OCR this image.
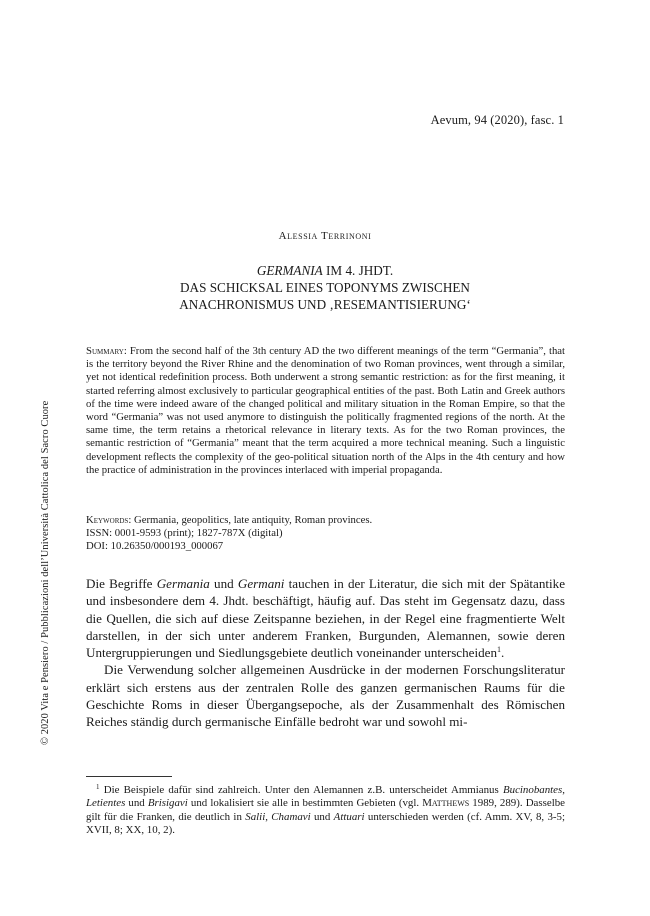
Aevum, 94 (2020), fasc. 1
Alessia Terrinoni
GERMANIA IM 4. JHDT.
DAS SCHICKSAL EINES TOPONYMS ZWISCHEN
ANACHRONISMUS UND ‚RESEMANTISIERUNG‘
Summary: From the second half of the 3th century AD the two different meanings of the term “Germania”, that is the territory beyond the River Rhine and the denomination of two Roman provinces, went through a similar, yet not identical redefinition process. Both underwent a strong semantic restriction: as for the first meaning, it started referring almost exclusively to particular geographical entities of the past. Both Latin and Greek authors of the time were indeed aware of the changed political and military situation in the Roman Empire, so that the word “Germania” was not used anymore to distinguish the politically fragmented regions of the north. At the same time, the term retains a rhetorical relevance in literary texts. As for the two Roman provinces, the semantic restriction of “Germania” meant that the term acquired a more technical meaning. Such a linguistic development reflects the complexity of the geo-political situation north of the Alps in the 4th century and how the practice of administration in the provinces interlaced with imperial propaganda.
Keywords: Germania, geopolitics, late antiquity, Roman provinces.
ISSN: 0001-9593 (print); 1827-787X (digital)
DOI: 10.26350/000193_000067

Die Begriffe Germania und Germani tauchen in der Literatur, die sich mit der Spätantike und insbesondere dem 4. Jhdt. beschäftigt, häufig auf. Das steht im Gegensatz dazu, dass die Quellen, die sich auf diese Zeitspanne beziehen, in der Regel eine fragmentierte Welt darstellen, in der sich unter anderem Franken, Burgunden, Alemannen, sowie deren Untergruppierungen und Siedlungsgebiete deutlich voneinander unterscheiden$^1$.

Die Verwendung solcher allgemeinen Ausdrücke in der modernen Forschungsliteratur erklärt sich erstens aus der zentralen Rolle des ganzen germanischen Raums für die Geschichte Roms in dieser Übergangsepoche, als der Zusammenhalt des Römischen Reiches ständig durch germanische Einfälle bedroht war und sowohl mi-

$^1$ Die Beispiele dafür sind zahlreich. Unter den Alemannen z.B. unterscheidet Ammianus Bucinobantes, Letientes und Brisigavi und lokalisiert sie alle in bestimmten Gebieten (vgl. Matthews 1989, 289). Dasselbe gilt für die Franken, die deutlich in Salii, Chamavi und Attuari unterschieden werden (cf. Amm. XV, 8, 3-5; XVII, 8; XX, 10, 2).
© 2020 Vita e Pensiero / Pubblicazioni dell’Università Cattolica del Sacro Cuore
